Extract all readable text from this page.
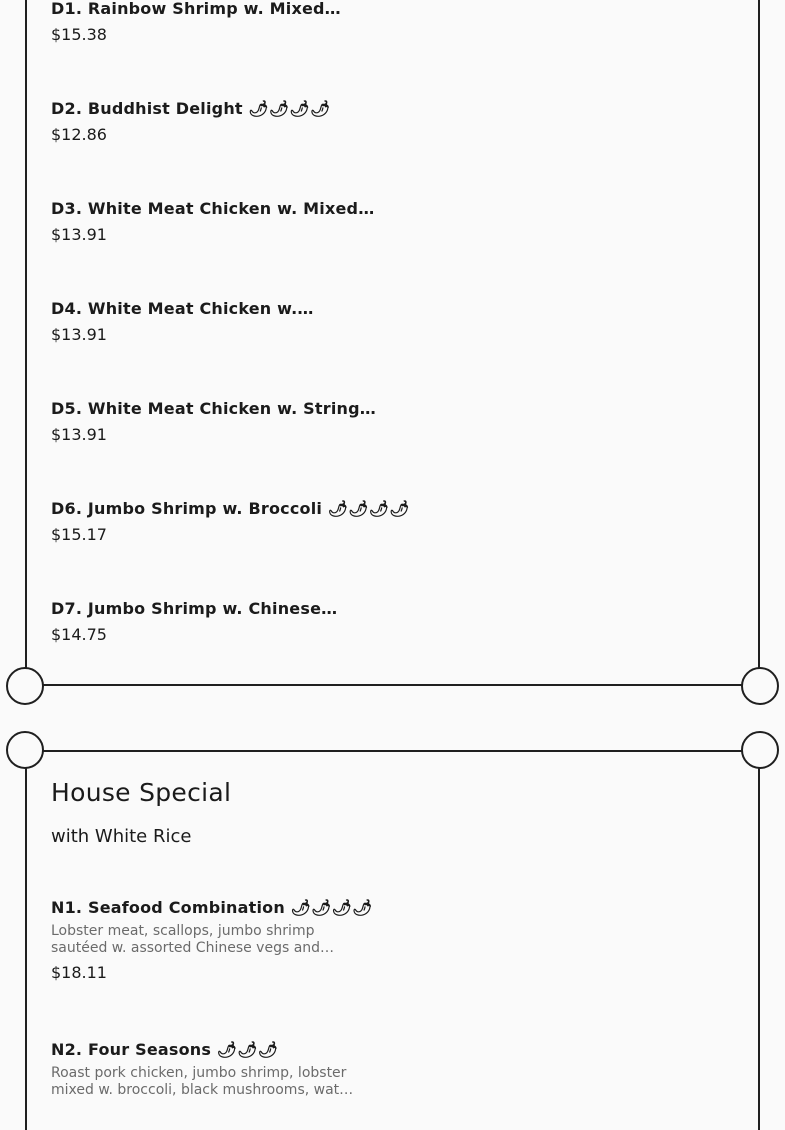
D1. Rainbow Shrimp w. Mixed…
$15.38
D2. Buddhist Delight 🌶🌶🌶🌶
$12.86
D3. White Meat Chicken w. Mixed…
$13.91
D4. White Meat Chicken w.…
$13.91
D5. White Meat Chicken w. String…
$13.91
D6. Jumbo Shrimp w. Broccoli 🌶🌶🌶🌶
$15.17
D7. Jumbo Shrimp w. Chinese…
$14.75
House Special
with White Rice
N1. Seafood Combination 🌶🌶🌶🌶
Lobster meat, scallops, jumbo shrimp
sautéed w. assorted Chinese vegs and…
$18.11
N2. Four Seasons 🌶🌶🌶
Roast pork chicken, jumbo shrimp, lobster
mixed w. broccoli, black mushrooms, wat…
